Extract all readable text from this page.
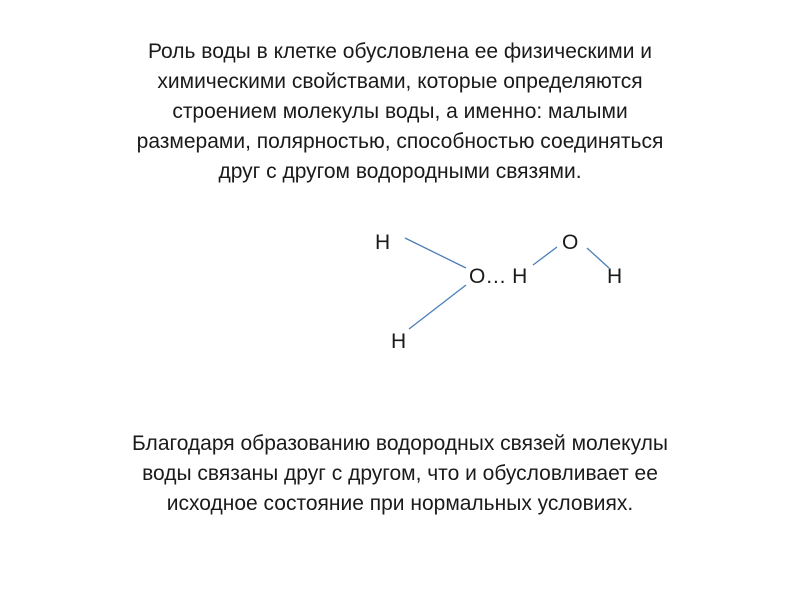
Роль воды в клетке обусловлена ее физическими и
химическими свойствами, которые определяются
строением молекулы воды, а именно: малыми
размерами, полярностью, способностью соединяться
друг с другом водородными связями.

H	O
O… H	H
H

Благодаря образованию водородных связей молекулы
воды связаны друг с другом, что и обусловливает ее
исходное состояние при нормальных условиях.
